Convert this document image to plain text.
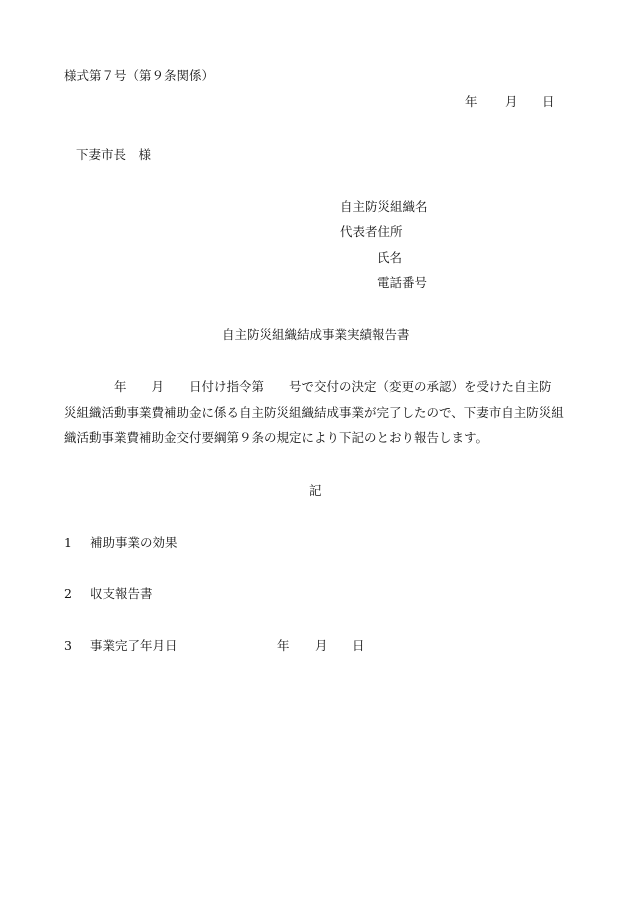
様式第７号（第９条関係）
年 月 日
下妻市長　様
自主防災組織名
代表者住所
氏名
電話番号
自主防災組織結成事業実績報告書
　　　　年　　月　　日付け指令第　　号で交付の決定（変更の承認）を受けた自主防
災組織活動事業費補助金に係る自主防災組織結成事業が完了したので、下妻市自主防災組
織活動事業費補助金交付要綱第９条の規定により下記のとおり報告します。
記
1 補助事業の効果
2 収支報告書
3 事業完了年月日	年 月 日
